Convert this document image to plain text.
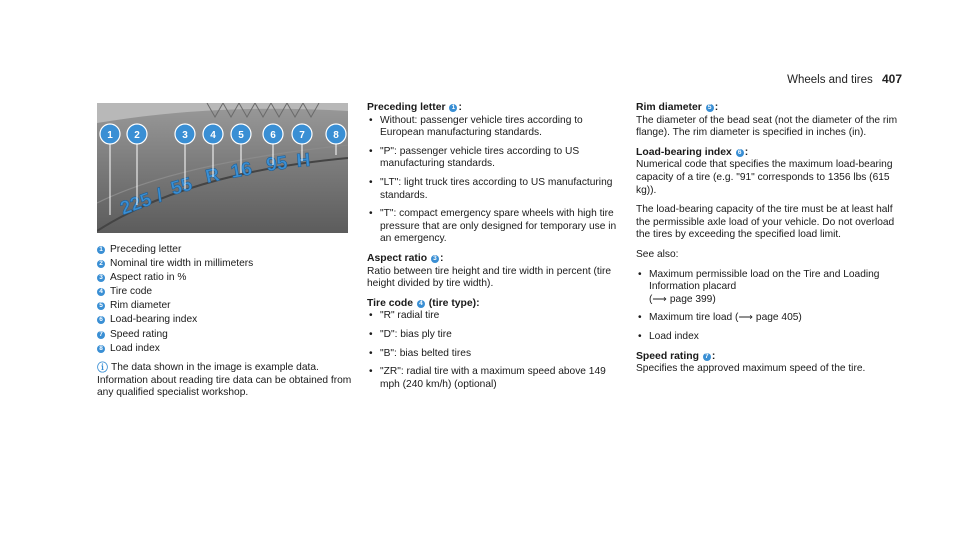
Wheels and tires 407
225 / 55 R 16 95 H
1 2	3 4 5	6 7	8
1 Preceding letter
2 Nominal tire width in millimeters
3 Aspect ratio in %
4 Tire code
5 Rim diameter
6 Load-bearing index
7 Speed rating
8 Load index
ⓘ The data shown in the image is example data.
Information about reading tire data can be obtained from any qualified specialist workshop.
Preceding letter 1 :
• Without: passenger vehicle tires according to European manufacturing standards.
• "P": passenger vehicle tires according to US manufacturing standards.
• "LT": light truck tires according to US manufacturing standards.
• "T": compact emergency spare wheels with high tire pressure that are only designed for temporary use in an emergency.
Aspect ratio 3 :

Ratio between tire height and tire width in percent (tire height divided by tire width).

Tire code 4 (tire type):
• "R" radial tire
• "D": bias ply tire
• "B": bias belted tires
• "ZR": radial tire with a maximum speed above 149 mph (240 km/h) (optional)
Rim diameter 5 :

The diameter of the bead seat (not the diameter of the rim flange). The rim diameter is specified in inches (in).

Load-bearing index 6 :

Numerical code that specifies the maximum load-bearing capacity of a tire (e.g. "91" corresponds to 1356 lbs (615 kg)).

The load-bearing capacity of the tire must be at least half the permissible axle load of your vehicle. Do not overload the tires by exceeding the specified load limit.

See also:

• Maximum permissible load on the Tire and Loading Information placard
(⟶ page 399)
• Maximum tire load (⟶ page 405)
• Load index
Speed rating 7 :

Specifies the approved maximum speed of the tire.
